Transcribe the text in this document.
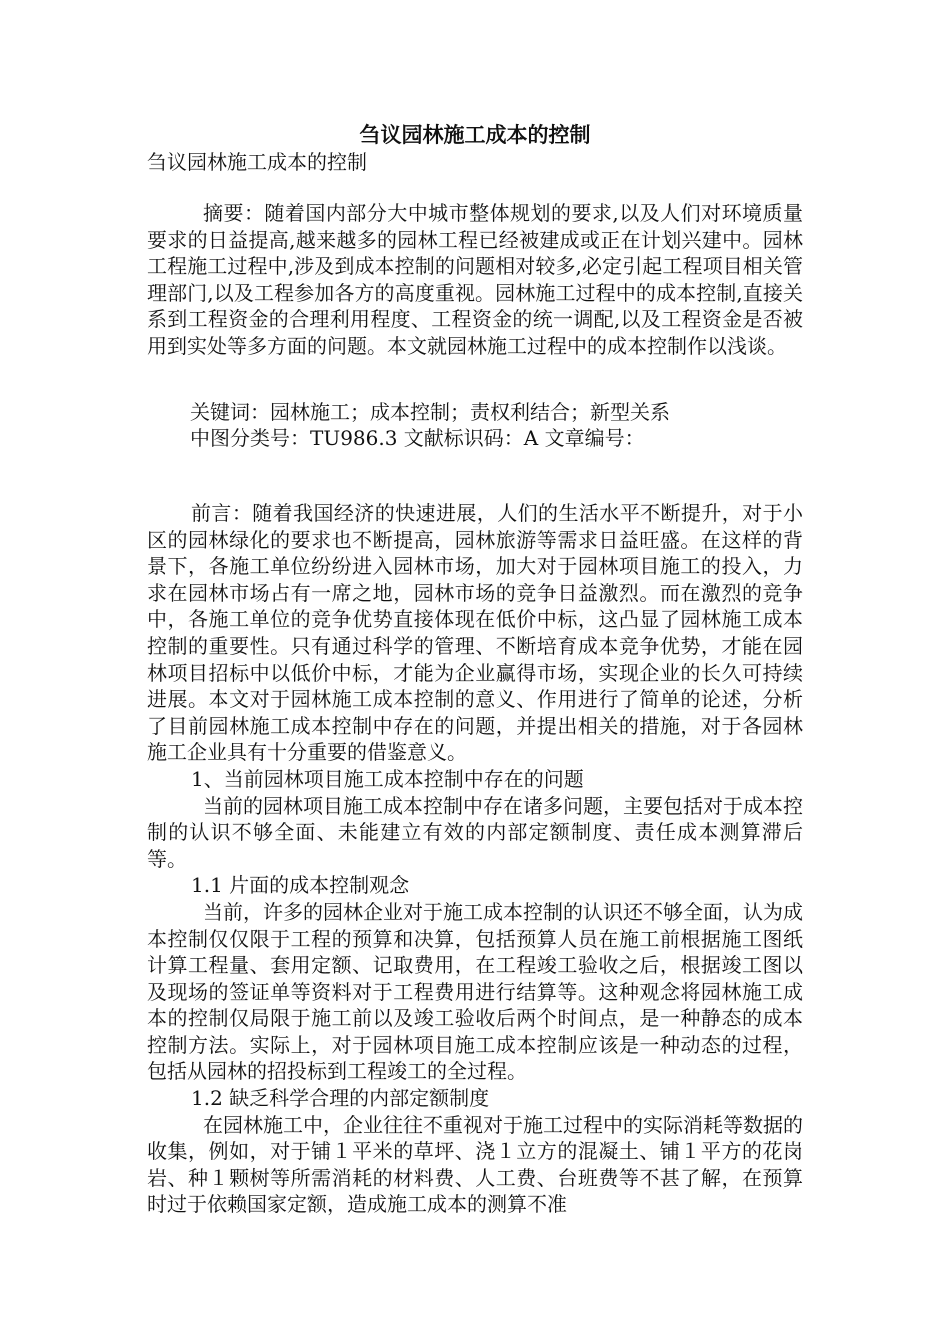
刍议园林施工成本的控制
刍议园林施工成本的控制

摘要：随着国内部分大中城市整体规划的要求,以及人们对环境质量要求的日益提高,越来越多的园林工程已经被建成或正在计划兴建中。园林工程施工过程中,涉及到成本控制的问题相对较多,必定引起工程项目相关管理部门,以及工程参加各方的高度重视。园林施工过程中的成本控制,直接关系到工程资金的合理利用程度、工程资金的统一调配,以及工程资金是否被用到实处等多方面的问题。本文就园林施工过程中的成本控制作以浅谈。

关键词：园林施工；成本控制；责权利结合；新型关系
中图分类号：TU986.3 文献标识码：A 文章编号：

前言：随着我国经济的快速进展，人们的生活水平不断提升，对于小区的园林绿化的要求也不断提高，园林旅游等需求日益旺盛。在这样的背景下，各施工单位纷纷进入园林市场，加大对于园林项目施工的投入，力求在园林市场占有一席之地，园林市场的竞争日益激烈。而在激烈的竞争中，各施工单位的竞争优势直接体现在低价中标，这凸显了园林施工成本控制的重要性。只有通过科学的管理、不断培育成本竞争优势，才能在园林项目招标中以低价中标，才能为企业赢得市场，实现企业的长久可持续进展。本文对于园林施工成本控制的意义、作用进行了简单的论述，分析了目前园林施工成本控制中存在的问题，并提出相关的措施，对于各园林施工企业具有十分重要的借鉴意义。

1、当前园林项目施工成本控制中存在的问题

当前的园林项目施工成本控制中存在诸多问题，主要包括对于成本控制的认识不够全面、未能建立有效的内部定额制度、责任成本测算滞后等。

1.1 片面的成本控制观念

当前，许多的园林企业对于施工成本控制的认识还不够全面，认为成本控制仅仅限于工程的预算和决算，包括预算人员在施工前根据施工图纸计算工程量、套用定额、记取费用，在工程竣工验收之后，根据竣工图以及现场的签证单等资料对于工程费用进行结算等。这种观念将园林施工成本的控制仅局限于施工前以及竣工验收后两个时间点，是一种静态的成本控制方法。实际上，对于园林项目施工成本控制应该是一种动态的过程，包括从园林的招投标到工程竣工的全过程。

1.2 缺乏科学合理的内部定额制度

在园林施工中，企业往往不重视对于施工过程中的实际消耗等数据的收集，例如，对于铺１平米的草坪、浇１立方的混凝土、铺１平方的花岗岩、种１颗树等所需消耗的材料费、人工费、台班费等不甚了解，在预算时过于依赖国家定额，造成施工成本的测算不准
